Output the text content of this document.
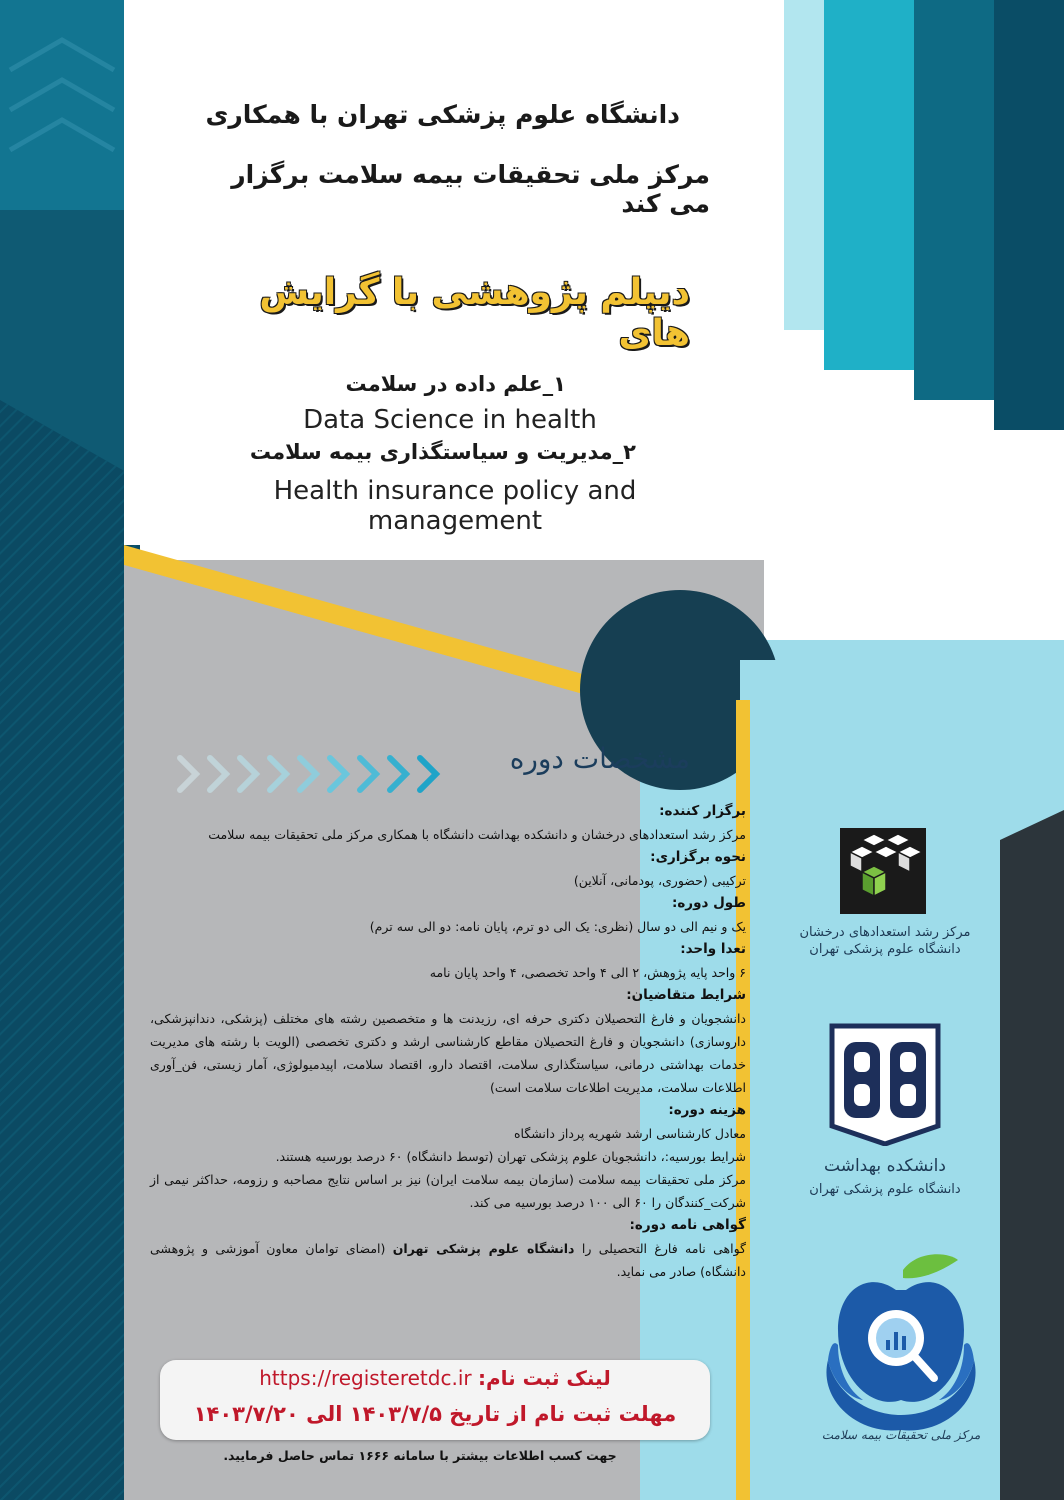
دانشگاه علوم پزشکی تهران با همکاری
مرکز ملی تحقیقات بیمه سلامت برگزار می کند
دیپلم پژوهشی با گرایش های
۱_علم داده در سلامت
Data Science in health
۲_مدیریت و سیاستگذاری بیمه سلامت
Health insurance policy and management
مشخصات دوره
برگزار کننده:
مرکز رشد استعدادهای درخشان و دانشکده بهداشت دانشگاه با همکاری مرکز ملی تحقیقات بیمه سلامت
نحوه برگزاری:
ترکیبی (حضوری، پودمانی، آنلاین)
طول دوره:
یک و نیم الی دو سال (نظری: یک الی دو ترم، پایان نامه: دو الی سه ترم)
تعدا واحد:
۶ واحد پایه پژوهش، ۲ الی ۴ واحد تخصصی، ۴ واحد پایان نامه
شرایط متقاضیان:
دانشجویان و فارغ التحصیلان دکتری حرفه ای، رزیدنت ها و متخصصین رشته های مختلف (پزشکی، دندانپزشکی، داروسازی) دانشجویان و فارغ التحصیلان مقاطع کارشناسی ارشد و دکتری تخصصی (الویت با رشته های مدیریت خدمات بهداشتی درمانی، سیاستگذاری سلامت، اقتصاد دارو، اقتصاد سلامت، اپیدمیولوژی، آمار زیستی، فن_آوری اطلاعات سلامت، مدیریت اطلاعات سلامت است)
هزینه دوره:
معادل کارشناسی ارشد شهریه پرداز دانشگاه
شرایط بورسیه:، دانشجویان علوم پزشکی تهران (توسط دانشگاه) ۶۰ درصد بورسیه هستند.
مرکز ملی تحقیقات بیمه سلامت (سازمان بیمه سلامت ایران) نیز بر اساس نتایج مصاحبه و رزومه، حداکثر نیمی از شرکت_کنندگان را ۶۰ الی ۱۰۰ درصد بورسیه می کند.
گواهی نامه دوره:
گواهی نامه فارغ التحصیلی را دانشگاه علوم پزشکی تهران (امضای توامان معاون آموزشی و پژوهشی دانشگاه) صادر می نماید.
لینک ثبت نام: https://registeretdc.ir
مهلت ثبت نام از تاریخ ۱۴۰۳/۷/۵ الی ۱۴۰۳/۷/۲۰
جهت کسب اطلاعات بیشتر با سامانه ۱۶۶۶ تماس حاصل فرمایید.
مرکز رشد استعدادهای درخشان
دانشگاه علوم پزشکی تهران
دانشکده بهداشت
دانشگاه علوم پزشکی تهران
مرکز ملی تحقیقات بیمه سلامت
